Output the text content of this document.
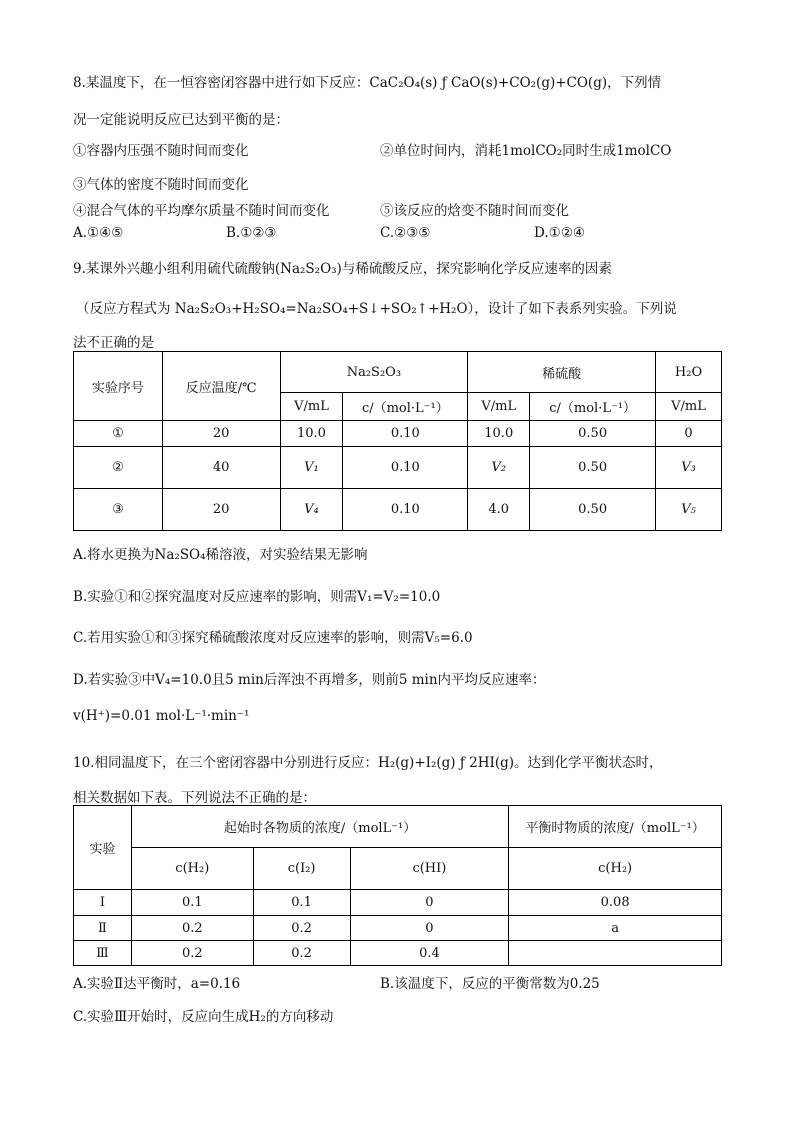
8.某温度下，在一恒容密闭容器中进行如下反应：CaC₂O₄(s) ƒ CaO(s)+CO₂(g)+CO(g)，下列情
况一定能说明反应已达到平衡的是：
①容器内压强不随时间而变化	②单位时间内，消耗1molCO₂同时生成1molCO
③气体的密度不随时间而变化
④混合气体的平均摩尔质量不随时间而变化	⑤该反应的焓变不随时间而变化
A.①④⑤	B.①②③	C.②③⑤	D.①②④
9.某课外兴趣小组利用硫代硫酸钠(Na₂S₂O₃)与稀硫酸反应，探究影响化学反应速率的因素
（反应方程式为 Na₂S₂O₃+H₂SO₄=Na₂SO₄+S↓+SO₂↑+H₂O），设计了如下表系列实验。下列说
法不正确的是
实验序号	反应温度/℃	Na₂S₂O₃		稀硫酸		H₂O
		V/mL	c/（mol·L⁻¹）	V/mL	c/（mol·L⁻¹）	V/mL
①	20	10.0	0.10	10.0	0.50	0
②	40	V₁	0.10	V₂	0.50	V₃
③	20	V₄	0.10	4.0	0.50	V₅
A.将水更换为Na₂SO₄稀溶液，对实验结果无影响
B.实验①和②探究温度对反应速率的影响，则需V₁=V₂=10.0
C.若用实验①和③探究稀硫酸浓度对反应速率的影响，则需V₅=6.0
D.若实验③中V₄=10.0且5 min后浑浊不再增多，则前5 min内平均反应速率：
v(H⁺)=0.01 mol·L⁻¹·min⁻¹
10.相同温度下，在三个密闭容器中分别进行反应：H₂(g)+I₂(g) ƒ 2HI(g)。达到化学平衡状态时，
相关数据如下表。下列说法不正确的是：
实验	起始时各物质的浓度/（molL⁻¹）			平衡时物质的浓度/（molL⁻¹）
	c(H₂)	c(I₂)	c(HI)	c(H₂)
Ⅰ	0.1	0.1	0	0.08
Ⅱ	0.2	0.2	0	a
Ⅲ	0.2	0.2	0.4	
A.实验Ⅱ达平衡时，a=0.16	B.该温度下，反应的平衡常数为0.25
C.实验Ⅲ开始时，反应向生成H₂的方向移动
